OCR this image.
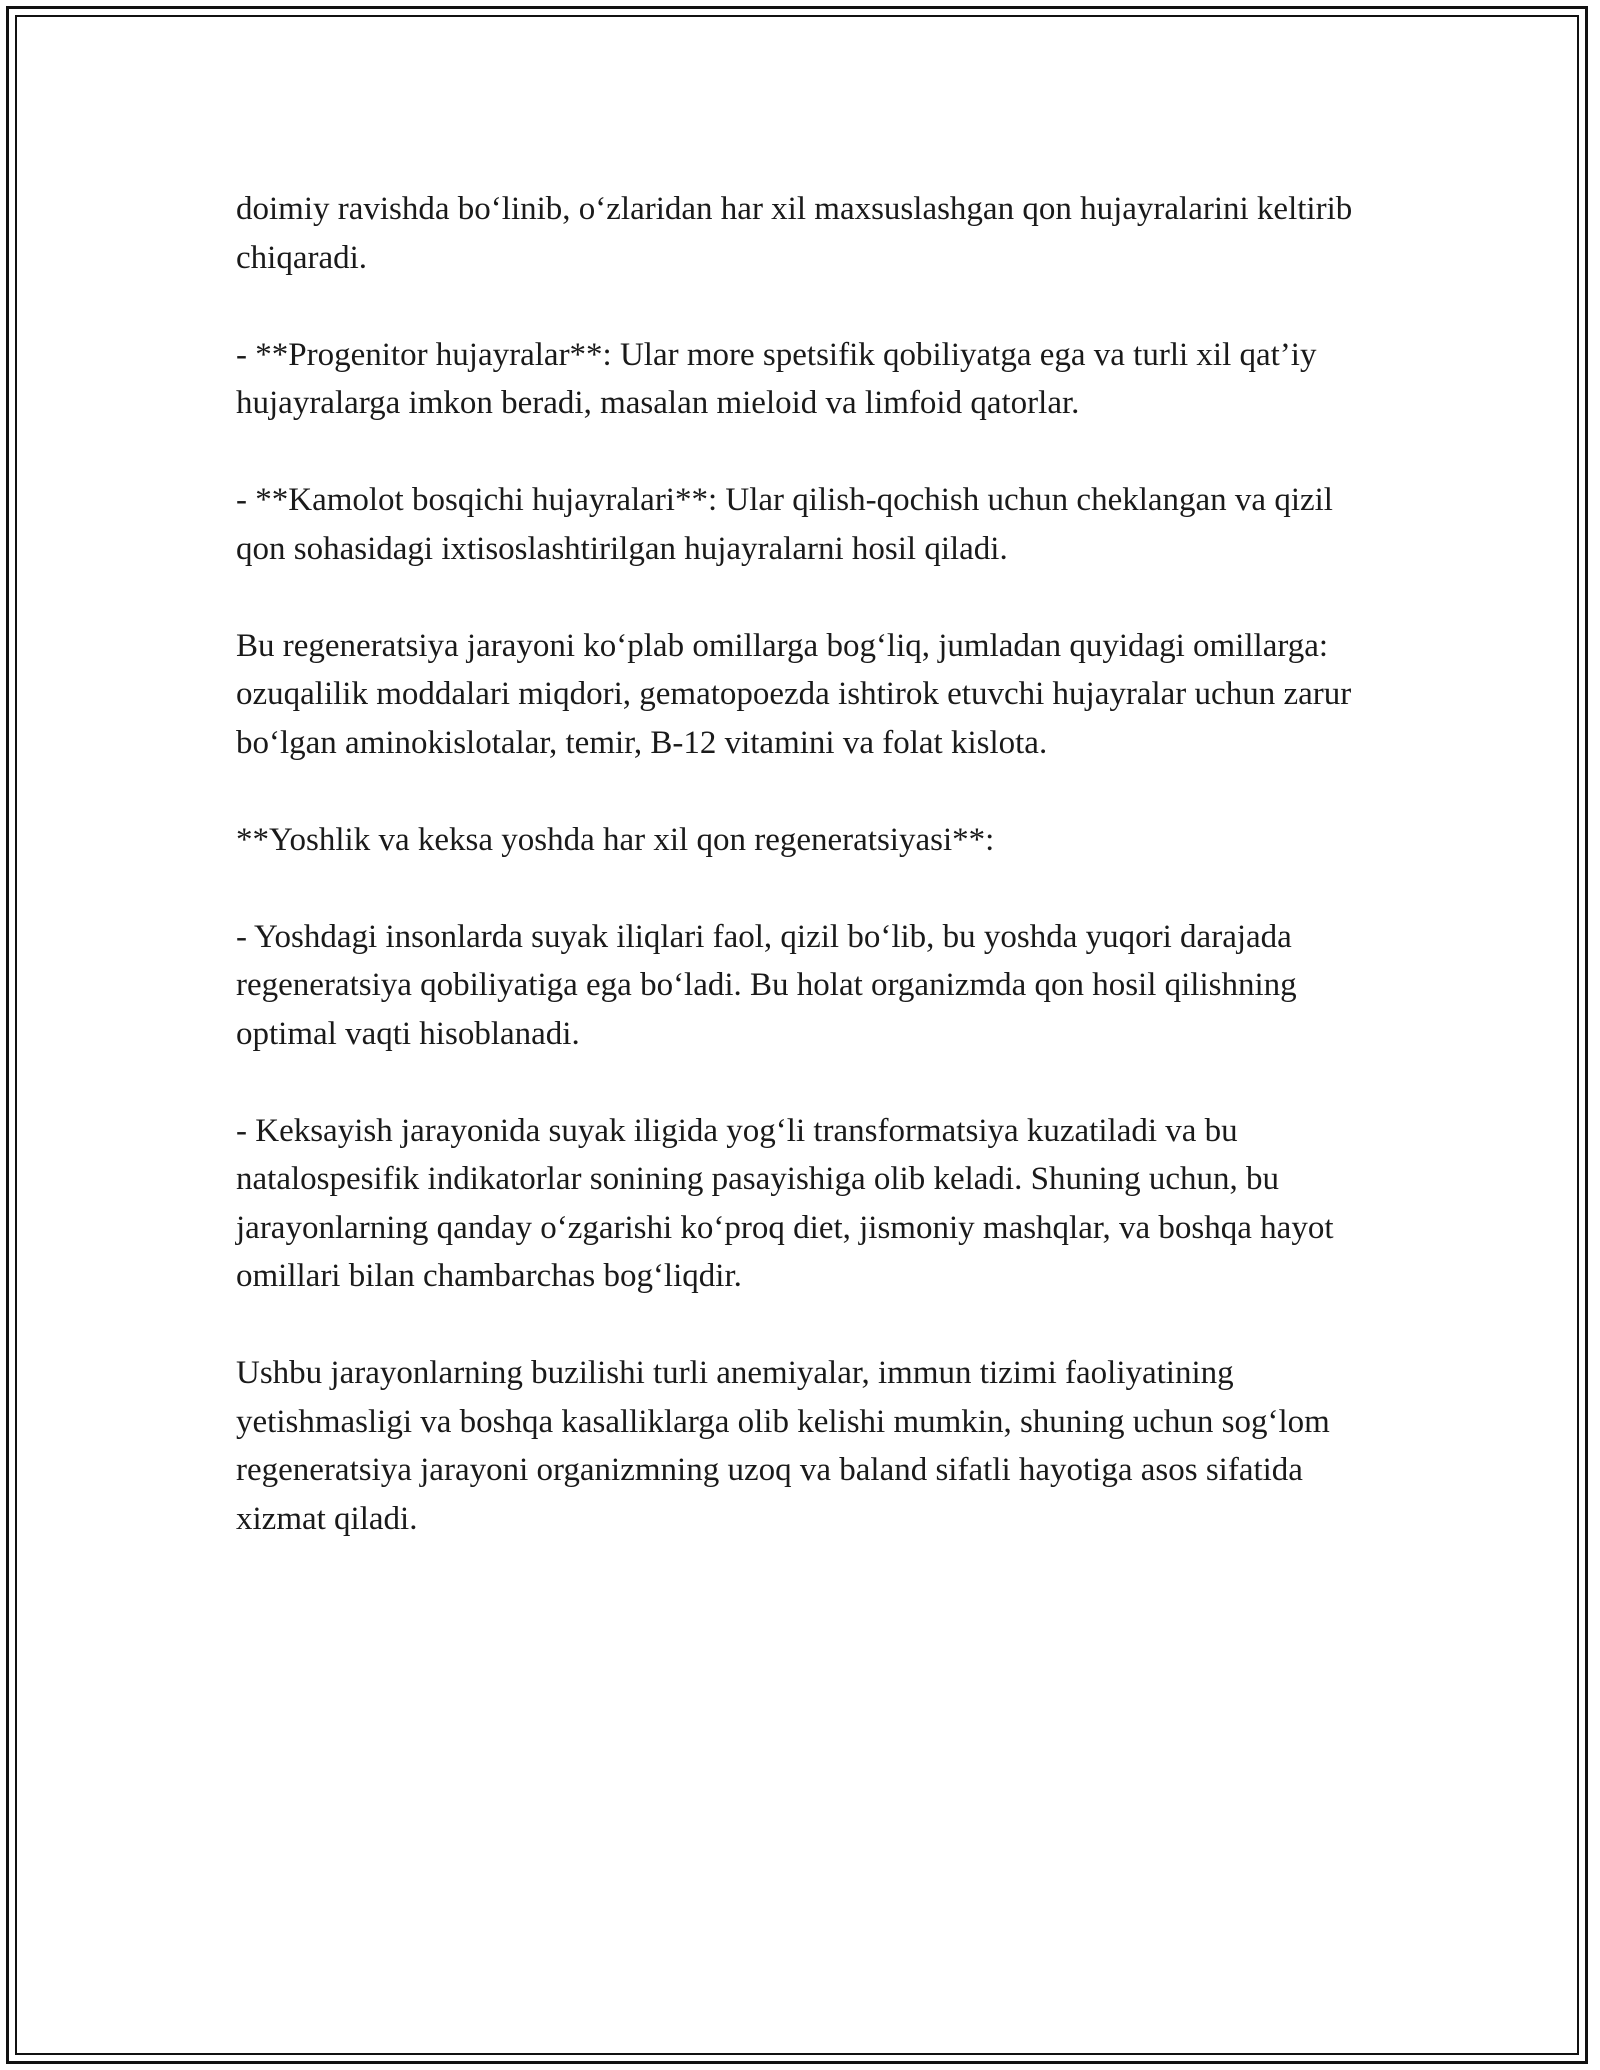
doimiy ravishda bo‘linib, o‘zlaridan har xil maxsuslashgan qon hujayralarini keltirib chiqaradi.

- **Progenitor hujayralar**: Ular more spetsifik qobiliyatga ega va turli xil qat’iy hujayralarga imkon beradi, masalan mieloid va limfoid qatorlar.

- **Kamolot bosqichi hujayralari**: Ular qilish-qochish uchun cheklangan va qizil qon sohasidagi ixtisoslashtirilgan hujayralarni hosil qiladi.

Bu regeneratsiya jarayoni ko‘plab omillarga bog‘liq, jumladan quyidagi omillarga: ozuqalilik moddalari miqdori, gematopoezda ishtirok etuvchi hujayralar uchun zarur bo‘lgan aminokislotalar, temir, B-12 vitamini va folat kislota.

**Yoshlik va keksa yoshda har xil qon regeneratsiyasi**:

- Yoshdagi insonlarda suyak iliqlari faol, qizil bo‘lib, bu yoshda yuqori darajada regeneratsiya qobiliyatiga ega bo‘ladi. Bu holat organizmda qon hosil qilishning optimal vaqti hisoblanadi.

- Keksayish jarayonida suyak iligida yog‘li transformatsiya kuzatiladi va bu natalospesifik indikatorlar sonining pasayishiga olib keladi. Shuning uchun, bu jarayonlarning qanday o‘zgarishi ko‘proq diet, jismoniy mashqlar, va boshqa hayot omillari bilan chambarchas bog‘liqdir.

Ushbu jarayonlarning buzilishi turli anemiyalar, immun tizimi faoliyatining yetishmasligi va boshqa kasalliklarga olib kelishi mumkin, shuning uchun sog‘lom regeneratsiya jarayoni organizmning uzoq va baland sifatli hayotiga asos sifatida xizmat qiladi.
